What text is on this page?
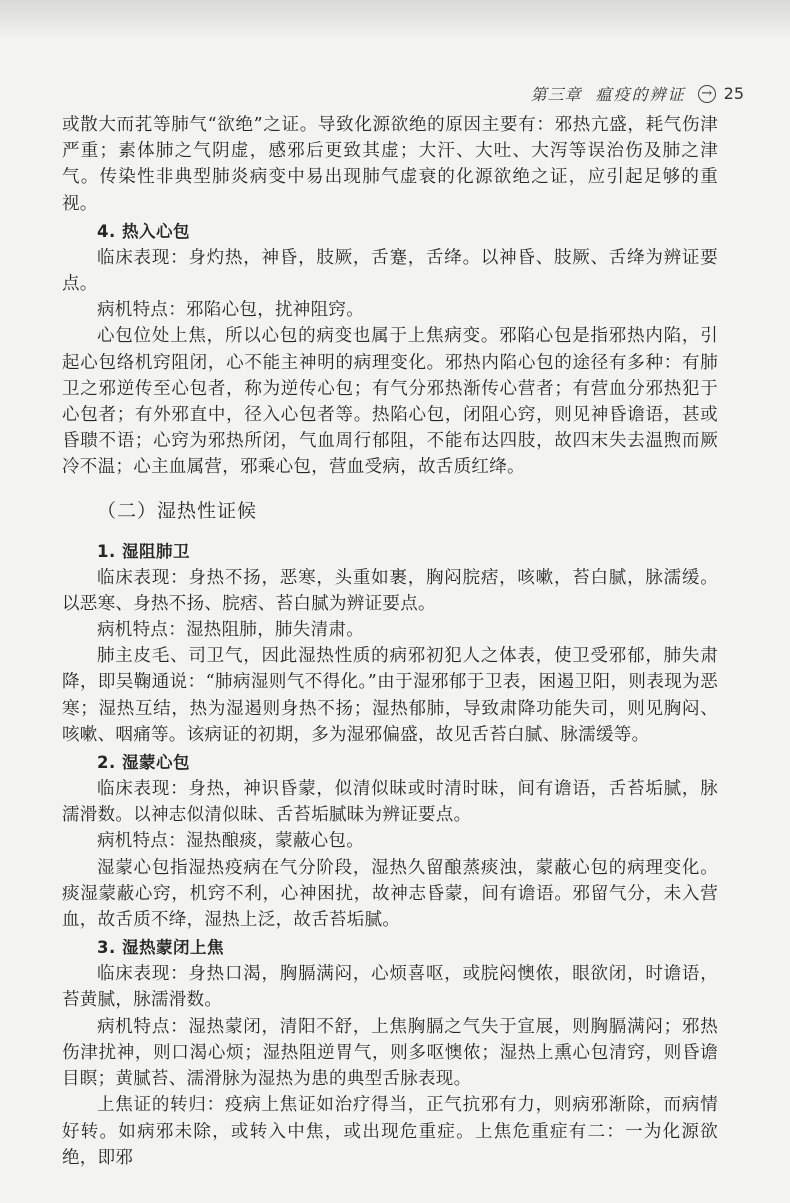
第三章 瘟疫的辨证 → 25

或散大而芤等肺气“欲绝”之证。导致化源欲绝的原因主要有：邪热亢盛，耗气伤津严重；素体肺之气阴虚，感邪后更致其虚；大汗、大吐、大泻等误治伤及肺之津气。传染性非典型肺炎病变中易出现肺气虚衰的化源欲绝之证，应引起足够的重视。

4. 热入心包

临床表现：身灼热，神昏，肢厥，舌蹇，舌绛。以神昏、肢厥、舌绛为辨证要点。

病机特点：邪陷心包，扰神阻窍。

心包位处上焦，所以心包的病变也属于上焦病变。邪陷心包是指邪热内陷，引起心包络机窍阻闭，心不能主神明的病理变化。邪热内陷心包的途径有多种：有肺卫之邪逆传至心包者，称为逆传心包；有气分邪热渐传心营者；有营血分邪热犯于心包者；有外邪直中，径入心包者等。热陷心包，闭阻心窍，则见神昏谵语，甚或昏聩不语；心窍为邪热所闭，气血周行郁阻，不能布达四肢，故四末失去温煦而厥冷不温；心主血属营，邪乘心包，营血受病，故舌质红绛。

（二）湿热性证候
1. 湿阻肺卫

临床表现：身热不扬，恶寒，头重如裹，胸闷脘痞，咳嗽，苔白腻，脉濡缓。以恶寒、身热不扬、脘痞、苔白腻为辨证要点。

病机特点：湿热阻肺，肺失清肃。

肺主皮毛、司卫气，因此湿热性质的病邪初犯人之体表，使卫受邪郁，肺失肃降，即吴鞠通说：“肺病湿则气不得化。”由于湿邪郁于卫表，困遏卫阳，则表现为恶寒；湿热互结，热为湿遏则身热不扬；湿热郁肺，导致肃降功能失司，则见胸闷、咳嗽、咽痛等。该病证的初期，多为湿邪偏盛，故见舌苔白腻、脉濡缓等。

2. 湿蒙心包

临床表现：身热，神识昏蒙，似清似昧或时清时昧，间有谵语，舌苔垢腻，脉濡滑数。以神志似清似昧、舌苔垢腻昧为辨证要点。

病机特点：湿热酿痰，蒙蔽心包。

湿蒙心包指湿热疫病在气分阶段，湿热久留酿蒸痰浊，蒙蔽心包的病理变化。痰湿蒙蔽心窍，机窍不利，心神困扰，故神志昏蒙，间有谵语。邪留气分，未入营血，故舌质不绛，湿热上泛，故舌苔垢腻。

3. 湿热蒙闭上焦

临床表现：身热口渴，胸膈满闷，心烦喜呕，或脘闷懊侬，眼欲闭，时谵语，苔黄腻，脉濡滑数。

病机特点：湿热蒙闭，清阳不舒，上焦胸膈之气失于宣展，则胸膈满闷；邪热伤津扰神，则口渴心烦；湿热阻逆胃气，则多呕懊侬；湿热上熏心包清窍，则昏谵目瞑；黄腻苔、濡滑脉为湿热为患的典型舌脉表现。

上焦证的转归：疫病上焦证如治疗得当，正气抗邪有力，则病邪渐除，而病情好转。如病邪未除，或转入中焦，或出现危重症。上焦危重症有二：一为化源欲绝，即邪
